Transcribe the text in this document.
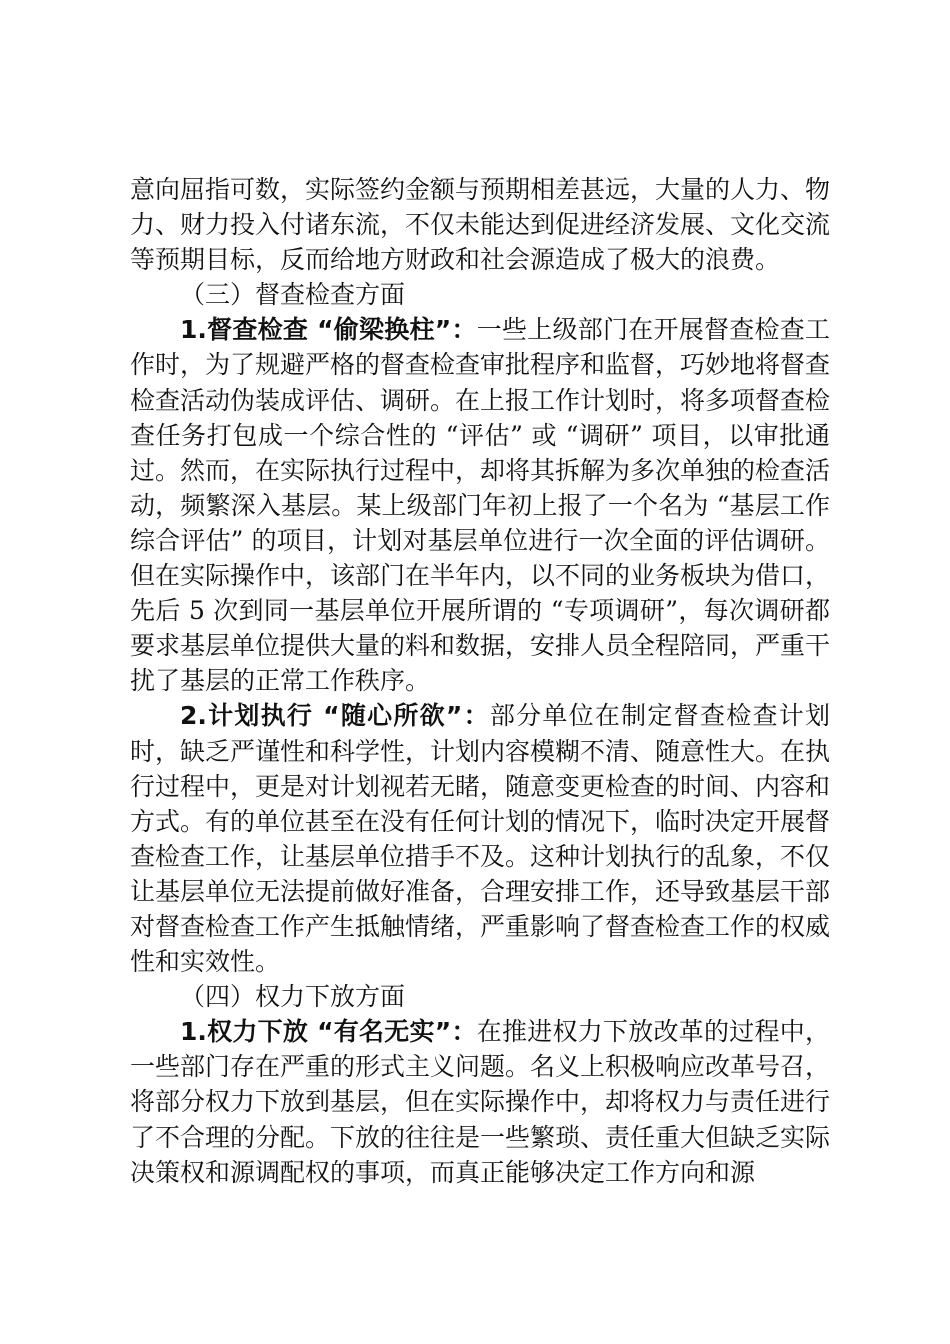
意向屈指可数，实际签约金额与预期相差甚远，大量的人力、物力、财力投入付诸东流，不仅未能达到促进经济发展、文化交流等预期目标，反而给地方财政和社会源造成了极大的浪费。

（三）督查检查方面

1.督查检查 “偷梁换柱”：一些上级部门在开展督查检查工作时，为了规避严格的督查检查审批程序和监督，巧妙地将督查检查活动伪装成评估、调研。在上报工作计划时，将多项督查检查任务打包成一个综合性的 “评估” 或 “调研” 项目，以审批通过。然而，在实际执行过程中，却将其拆解为多次单独的检查活动，频繁深入基层。某上级部门年初上报了一个名为 “基层工作综合评估” 的项目，计划对基层单位进行一次全面的评估调研。但在实际操作中，该部门在半年内，以不同的业务板块为借口，先后 5 次到同一基层单位开展所谓的 “专项调研”，每次调研都要求基层单位提供大量的料和数据，安排人员全程陪同，严重干扰了基层的正常工作秩序。

2.计划执行 “随心所欲”：部分单位在制定督查检查计划时，缺乏严谨性和科学性，计划内容模糊不清、随意性大。在执行过程中，更是对计划视若无睹，随意变更检查的时间、内容和方式。有的单位甚至在没有任何计划的情况下，临时决定开展督查检查工作，让基层单位措手不及。这种计划执行的乱象，不仅让基层单位无法提前做好准备，合理安排工作，还导致基层干部对督查检查工作产生抵触情绪，严重影响了督查检查工作的权威性和实效性。

（四）权力下放方面

1.权力下放 “有名无实”：在推进权力下放改革的过程中，一些部门存在严重的形式主义问题。名义上积极响应改革号召，将部分权力下放到基层，但在实际操作中，却将权力与责任进行了不合理的分配。下放的往往是一些繁琐、责任重大但缺乏实际决策权和源调配权的事项，而真正能够决定工作方向和源
